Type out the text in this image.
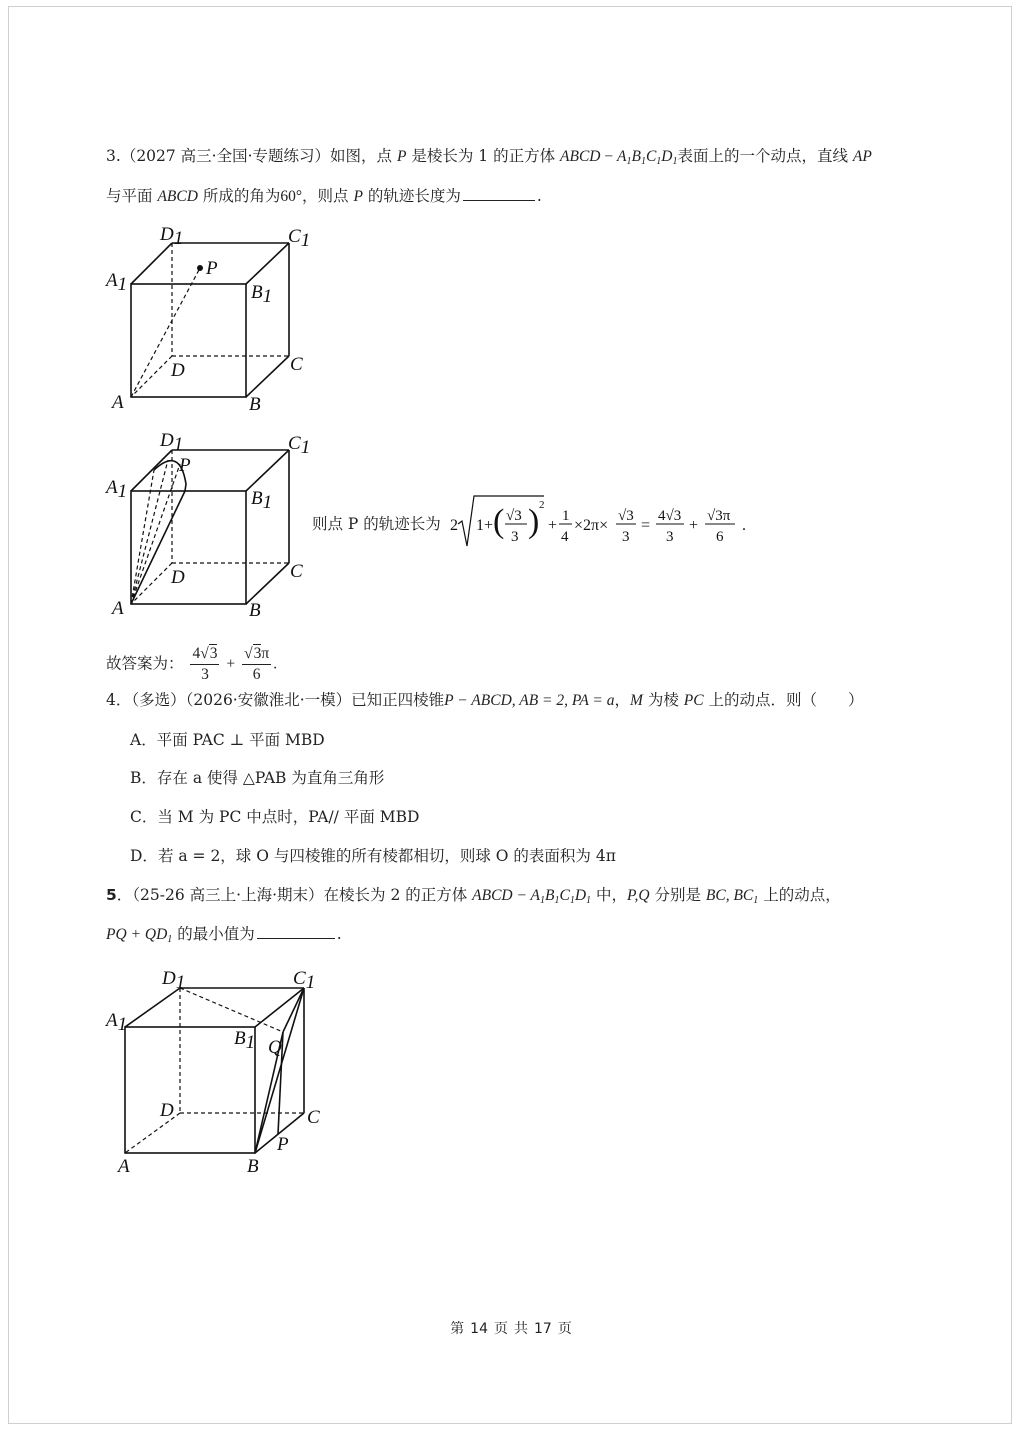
3.（2027 高三·全国·专题练习）如图，点 P 是棱长为 1 的正方体 ABCD − $A_1B_1C_1D_1$表面上的一个动点，直线 AP
与平面 ABCD 所成的角为60°，则点 P 的轨迹长度为	.
D1	C1
A1	B1
P
D	C
A	B
D1	C1
A1	B1
P
D	C
A	B
则点 P 的轨迹长为 2 1+ ( √3
3 ) 2
+
1
4
×2π×
√3
3
=
4√3
3
+
√3π
6
.
故答案为： $\frac{4√3}{3} + \frac{√3\pi}{6}$ .
4．（多选）（2026·安徽淮北·一模）已知正四棱锥P − ABCD, AB = 2, PA = a，M 为棱 PC 上的动点．则（　　）
A．平面 PAC ⊥ 平面 MBD
B．存在 a 使得 △PAB 为直角三角形
C．当 M 为 PC 中点时，PA// 平面 MBD
D．若 a = 2，球 O 与四棱锥的所有棱都相切，则球 O 的表面积为 4π
5．（25-26 高三上·上海·期末）在棱长为 2 的正方体 ABCD − $A_1B_1C_1D_1$ 中，P,Q 分别是 BC, $BC_1$ 上的动点，
PQ + $QD_1$ 的最小值为	.
D1	C1
A1
B1 Q
D	C
A	B
P
第 14 页 共 17 页
